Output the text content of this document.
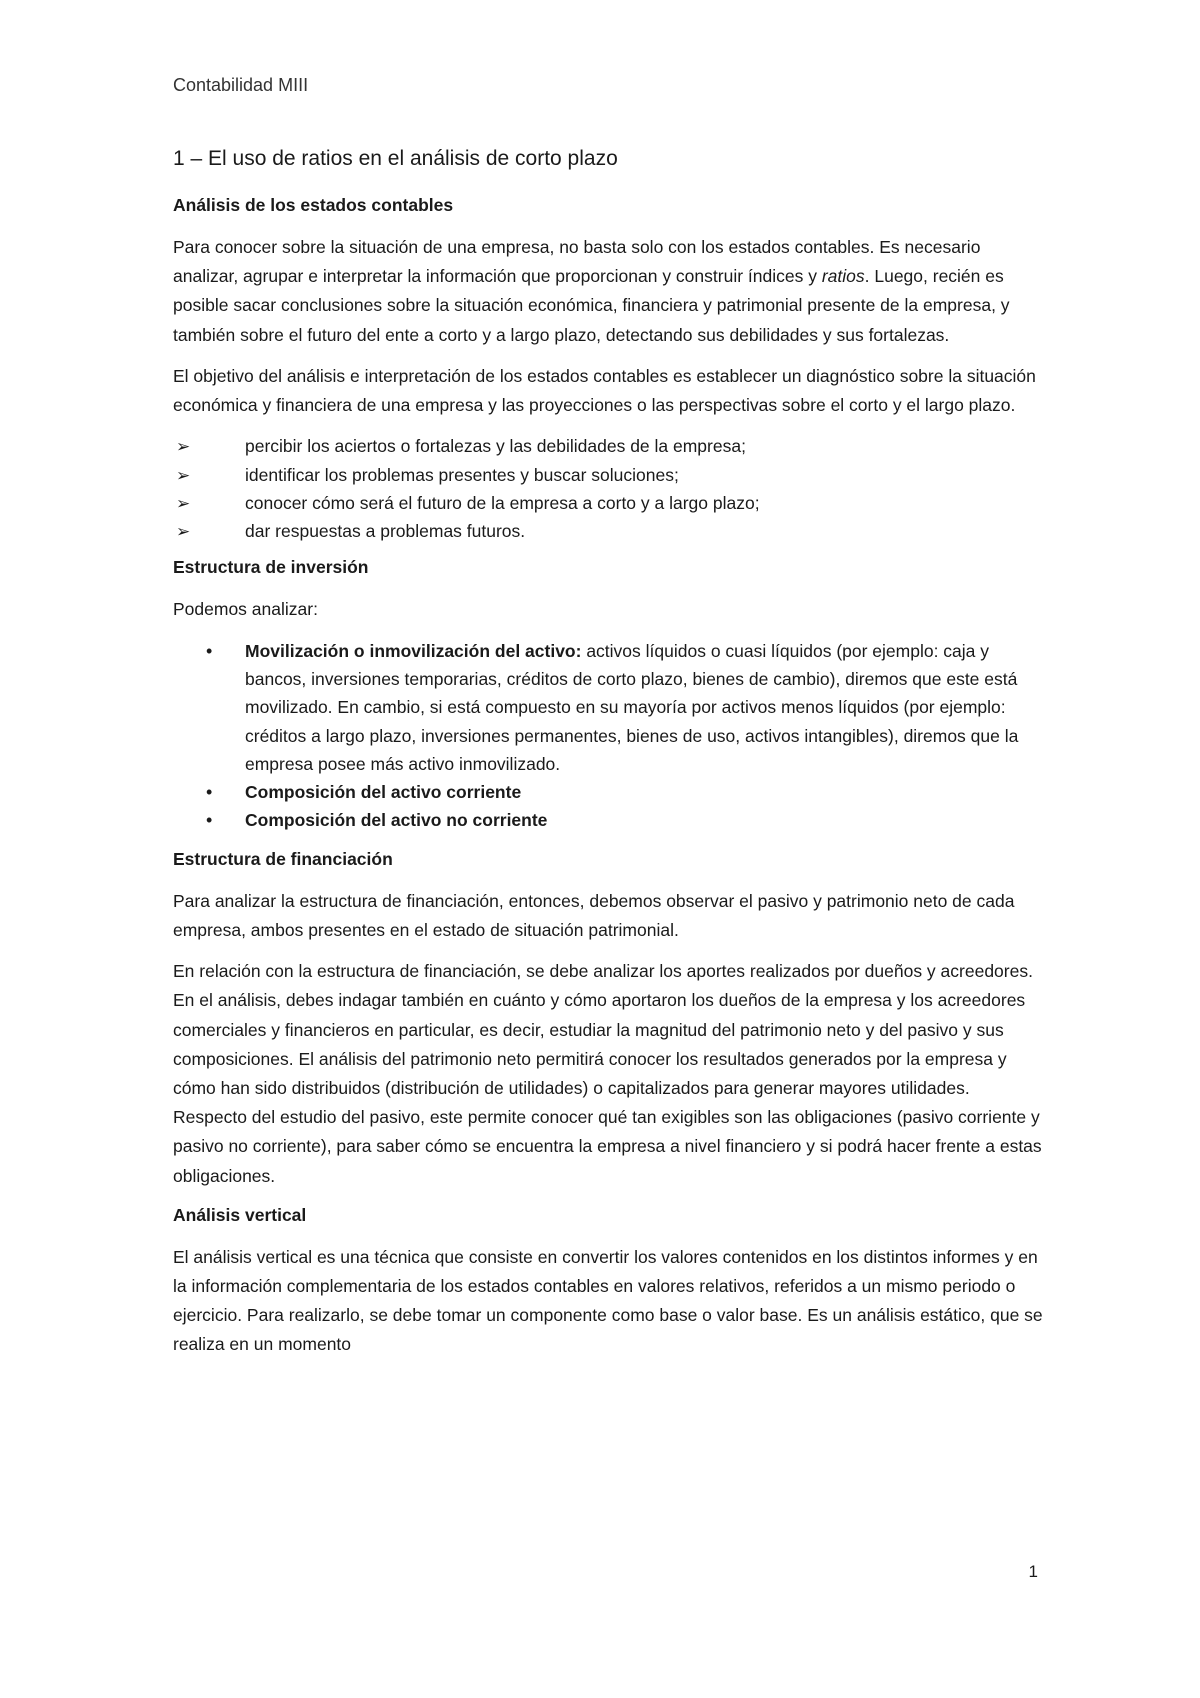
Contabilidad MIII

1 – El uso de ratios en el análisis de corto plazo
Análisis de los estados contables

Para conocer sobre la situación de una empresa, no basta solo con los estados contables. Es necesario analizar, agrupar e interpretar la información que proporcionan y construir índices y ratios. Luego, recién es posible sacar conclusiones sobre la situación económica, financiera y patrimonial presente de la empresa, y también sobre el futuro del ente a corto y a largo plazo, detectando sus debilidades y sus fortalezas.

El objetivo del análisis e interpretación de los estados contables es establecer un diagnóstico sobre la situación económica y financiera de una empresa y las proyecciones o las perspectivas sobre el corto y el largo plazo.

➢	percibir los aciertos o fortalezas y las debilidades de la empresa;
➢	identificar los problemas presentes y buscar soluciones;
➢	conocer cómo será el futuro de la empresa a corto y a largo plazo;
➢	dar respuestas a problemas futuros.
Estructura de inversión

Podemos analizar:

• Movilización o inmovilización del activo: activos líquidos o cuasi líquidos (por ejemplo: caja y bancos, inversiones temporarias, créditos de corto plazo, bienes de cambio), diremos que este está movilizado. En cambio, si está compuesto en su mayoría por activos menos líquidos (por ejemplo: créditos a largo plazo, inversiones permanentes, bienes de uso, activos intangibles), diremos que la empresa posee más activo inmovilizado.
• Composición del activo corriente
• Composición del activo no corriente
Estructura de financiación

Para analizar la estructura de financiación, entonces, debemos observar el pasivo y patrimonio neto de cada empresa, ambos presentes en el estado de situación patrimonial.

En relación con la estructura de financiación, se debe analizar los aportes realizados por dueños y acreedores. En el análisis, debes indagar también en cuánto y cómo aportaron los dueños de la empresa y los acreedores comerciales y financieros en particular, es decir, estudiar la magnitud del patrimonio neto y del pasivo y sus composiciones. El análisis del patrimonio neto permitirá conocer los resultados generados por la empresa y cómo han sido distribuidos (distribución de utilidades) o capitalizados para generar mayores utilidades. Respecto del estudio del pasivo, este permite conocer qué tan exigibles son las obligaciones (pasivo corriente y pasivo no corriente), para saber cómo se encuentra la empresa a nivel financiero y si podrá hacer frente a estas obligaciones.

Análisis vertical

El análisis vertical es una técnica que consiste en convertir los valores contenidos en los distintos informes y en la información complementaria de los estados contables en valores relativos, referidos a un mismo periodo o ejercicio. Para realizarlo, se debe tomar un componente como base o valor base. Es un análisis estático, que se realiza en un momento

1
